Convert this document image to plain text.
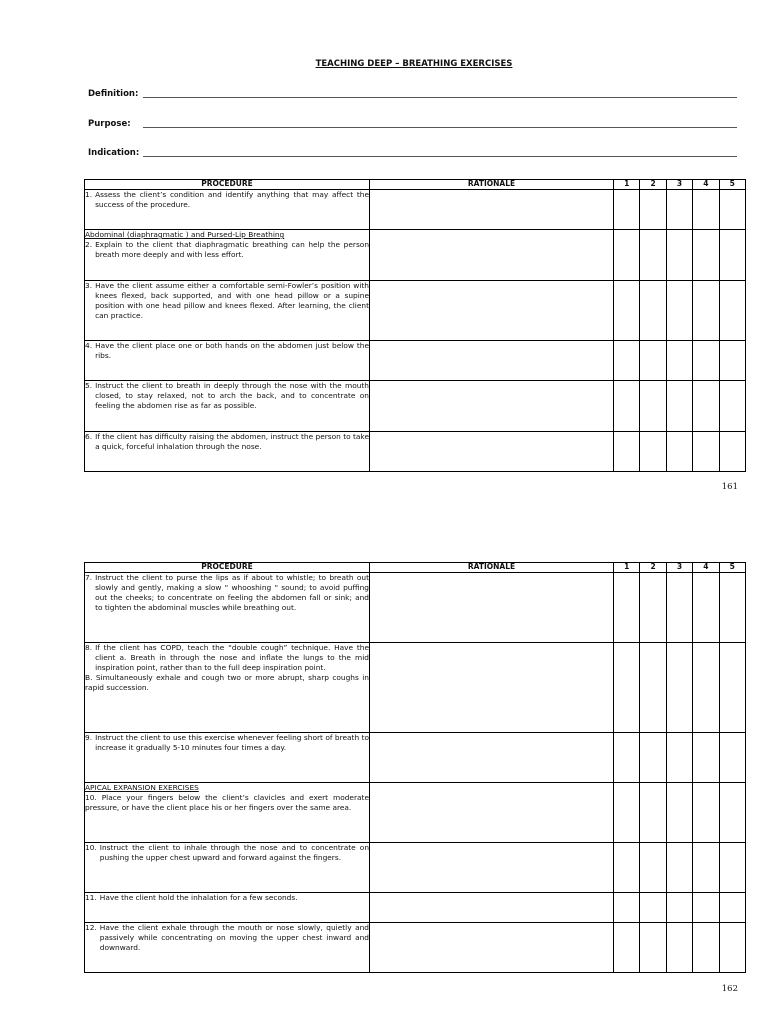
TEACHING DEEP – BREATHING EXERCISES
Definition:
Purpose:
Indication:
PROCEDURE	RATIONALE	1	2	3	4	5

1. Assess the client’s condition and identify anything that may affect the success of the procedure.						

Abdominal (diaphragmatic ) and Pursed-Lip Breathing
2. Explain to the client that diaphragmatic breathing can help the person breath more deeply and with less effort.						

3. Have the client assume either a comfortable semi-Fowler’s position with knees flexed, back supported, and with one head pillow or a supine position with one head pillow and knees flexed. After learning, the client can practice.						

4. Have the client place one or both hands on the abdomen just below the ribs.						

5. Instruct the client to breath in deeply through the nose with the mouth closed, to stay relaxed, not to arch the back, and to concentrate on feeling the abdomen rise as far as possible.						

6. If the client has difficulty raising the abdomen, instruct the person to take a quick, forceful inhalation through the nose.						

161
PROCEDURE	RATIONALE	1	2	3	4	5

7. Instruct the client to purse the lips as if about to whistle; to breath out slowly and gently, making a slow “ whooshing “ sound; to avoid puffing out the cheeks; to concentrate on feeling the abdomen fall or sink; and to tighten the abdominal muscles while breathing out.						

8. If the client has COPD, teach the “double cough” technique. Have the client a. Breath in through the nose and inflate the lungs to the mid inspiration point, rather than to the full deep inspiration point.
B. Simultaneously exhale and cough two or more abrupt, sharp coughs in rapid succession.						

9. Instruct the client to use this exercise whenever feeling short of breath to increase it gradually 5-10 minutes four times a day.						

APICAL EXPANSION EXERCISES
10. Place your fingers below the client’s clavicles and exert moderate pressure, or have the client place his or her fingers over the same area.						

10. Instruct the client to inhale through the nose and to concentrate on pushing the upper chest upward and forward against the fingers.						

11. Have the client hold the inhalation for a few seconds.						

12. Have the client exhale through the mouth or nose slowly, quietly and passively while concentrating on moving the upper chest inward and downward.						

162
